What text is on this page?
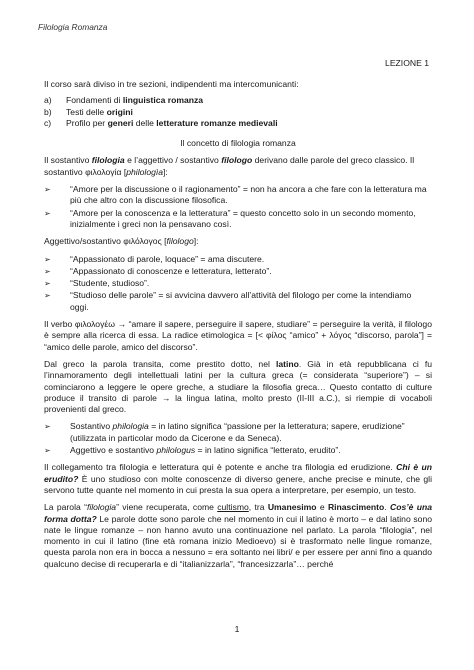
Filologia Romanza
LEZIONE 1

Il corso sarà diviso in tre sezioni, indipendenti ma intercomunicanti:

a)	Fondamenti di linguistica romanza
b)	Testi delle origini
c)	Profilo per generi delle letterature romanze medievali
Il concetto di filologia romanza

Il sostantivo filologia e l’aggettivo / sostantivo filologo derivano dalle parole del greco classico. Il sostantivo φιλολογία [philologìa]:

➢	“Amore per la discussione o il ragionamento” = non ha ancora a che fare con la letteratura ma più che altro con la discussione filosofica.
➢	“Amore per la conoscenza e la letteratura” = questo concetto solo in un secondo momento, inizialmente i greci non la pensavano così.

Aggettivo/sostantivo φιλόλογος [filologo]:

➢	“Appassionato di parole, loquace” = ama discutere.
➢	“Appassionato di conoscenze e letteratura, letterato”.
➢	“Studente, studioso”.
➢	“Studioso delle parole” = si avvicina davvero all’attività del filologo per come la intendiamo oggi.

Il verbo φιλολογέω → “amare il sapere, perseguire il sapere, studiare” = perseguire la verità, il filologo è sempre alla ricerca di essa. La radice etimologica = [< φίλος “amico” + λόγος “discorso, parola”] = “amico delle parole, amico del discorso”.

Dal greco la parola transita, come prestito dotto, nel latino. Già in età repubblicana ci fu l’innamoramento degli intellettuali latini per la cultura greca (= considerata “superiore”) – si cominciarono a leggere le opere greche, a studiare la filosofia greca… Questo contatto di culture produce il transito di parole → la lingua latina, molto presto (II-III a.C.), si riempie di vocaboli provenienti dal greco.

➢	Sostantivo philologia = in latino significa “passione per la letteratura; sapere, erudizione” (utilizzata in particolar modo da Cicerone e da Seneca).
➢	Aggettivo e sostantivo philologus = in latino significa “letterato, erudito”.

Il collegamento tra filologia e letteratura qui è potente e anche tra filologia ed erudizione. Chi è un erudito? È uno studioso con molte conoscenze di diverso genere, anche precise e minute, che gli servono tutte quante nel momento in cui presta la sua opera a interpretare, per esempio, un testo.

La parola “filologia” viene recuperata, come cultismo, tra Umanesimo e Rinascimento. Cos’è una forma dotta? Le parole dotte sono parole che nel momento in cui il latino è morto – e dal latino sono nate le lingue romanze – non hanno avuto una continuazione nel parlato. La parola “filologia”, nel momento in cui il latino (fine età romana inizio Medioevo) si è trasformato nelle lingue romanze, questa parola non era in bocca a nessuno = era soltanto nei libri/ e per essere per anni fino a quando qualcuno decise di recuperarla e di “italianizzarla”, “francesizzarla”… perché

1
